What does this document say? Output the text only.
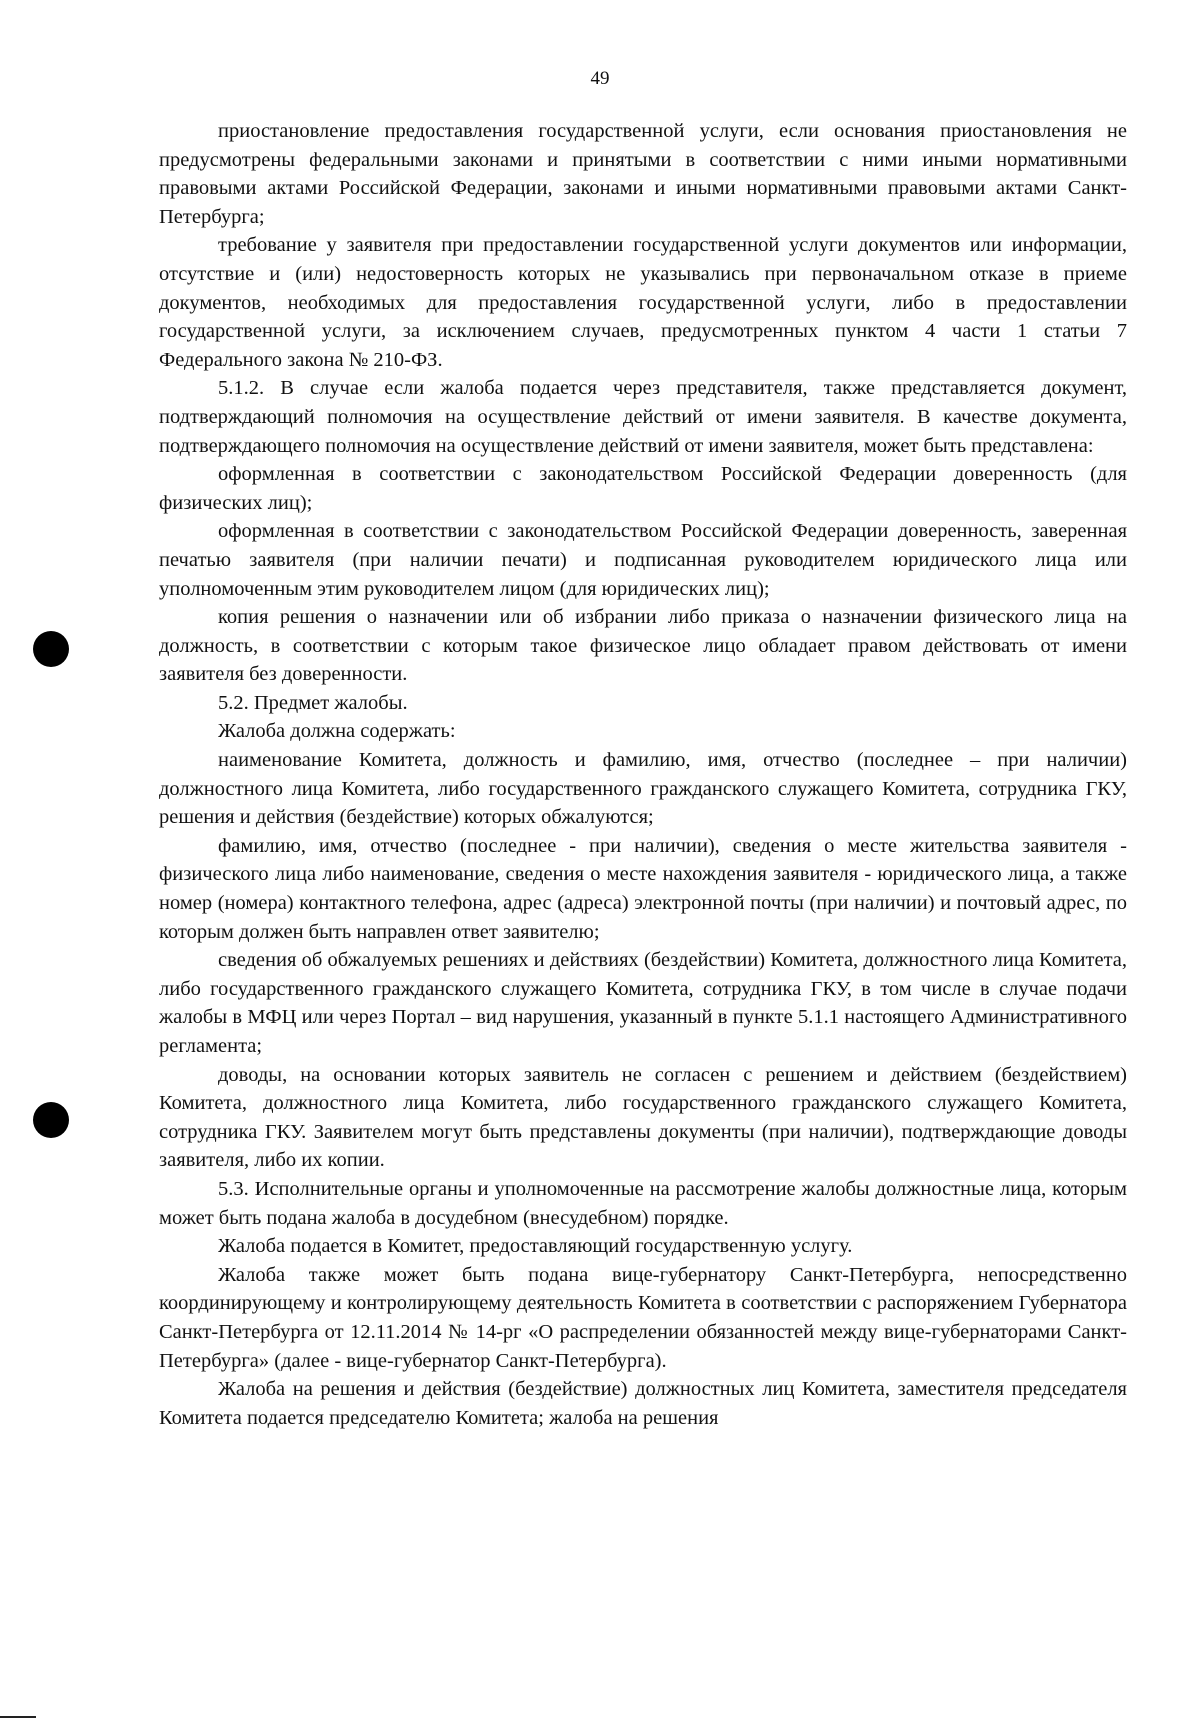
49

приостановление предоставления государственной услуги, если основания приостановления не предусмотрены федеральными законами и принятыми в соответствии с ними иными нормативными правовыми актами Российской Федерации, законами и иными нормативными правовыми актами Санкт-Петербурга;

требование у заявителя при предоставлении государственной услуги документов или информации, отсутствие и (или) недостоверность которых не указывались при первоначальном отказе в приеме документов, необходимых для предоставления государственной услуги, либо в предоставлении государственной услуги, за исключением случаев, предусмотренных пунктом 4 части 1 статьи 7 Федерального закона № 210-ФЗ.

5.1.2. В случае если жалоба подается через представителя, также представляется документ, подтверждающий полномочия на осуществление действий от имени заявителя. В качестве документа, подтверждающего полномочия на осуществление действий от имени заявителя, может быть представлена:

оформленная в соответствии с законодательством Российской Федерации доверенность (для физических лиц);

оформленная в соответствии с законодательством Российской Федерации доверенность, заверенная печатью заявителя (при наличии печати) и подписанная руководителем юридического лица или уполномоченным этим руководителем лицом (для юридических лиц);

копия решения о назначении или об избрании либо приказа о назначении физического лица на должность, в соответствии с которым такое физическое лицо обладает правом действовать от имени заявителя без доверенности.

5.2. Предмет жалобы.

Жалоба должна содержать:

наименование Комитета, должность и фамилию, имя, отчество (последнее – при наличии) должностного лица Комитета, либо государственного гражданского служащего Комитета, сотрудника ГКУ, решения и действия (бездействие) которых обжалуются;

фамилию, имя, отчество (последнее - при наличии), сведения о месте жительства заявителя - физического лица либо наименование, сведения о месте нахождения заявителя - юридического лица, а также номер (номера) контактного телефона, адрес (адреса) электронной почты (при наличии) и почтовый адрес, по которым должен быть направлен ответ заявителю;

сведения об обжалуемых решениях и действиях (бездействии) Комитета, должностного лица Комитета, либо государственного гражданского служащего Комитета, сотрудника ГКУ, в том числе в случае подачи жалобы в МФЦ или через Портал – вид нарушения, указанный в пункте 5.1.1 настоящего Административного регламента;

доводы, на основании которых заявитель не согласен с решением и действием (бездействием) Комитета, должностного лица Комитета, либо государственного гражданского служащего Комитета, сотрудника ГКУ. Заявителем могут быть представлены документы (при наличии), подтверждающие доводы заявителя, либо их копии.

5.3. Исполнительные органы и уполномоченные на рассмотрение жалобы должностные лица, которым может быть подана жалоба в досудебном (внесудебном) порядке.

Жалоба подается в Комитет, предоставляющий государственную услугу.

Жалоба также может быть подана вице-губернатору Санкт-Петербурга, непосредственно координирующему и контролирующему деятельность Комитета в соответствии с распоряжением Губернатора Санкт-Петербурга от 12.11.2014 № 14-рг «О распределении обязанностей между вице-губернаторами Санкт-Петербурга» (далее - вице-губернатор Санкт-Петербурга).

Жалоба на решения и действия (бездействие) должностных лиц Комитета, заместителя председателя Комитета подается председателю Комитета; жалоба на решения
